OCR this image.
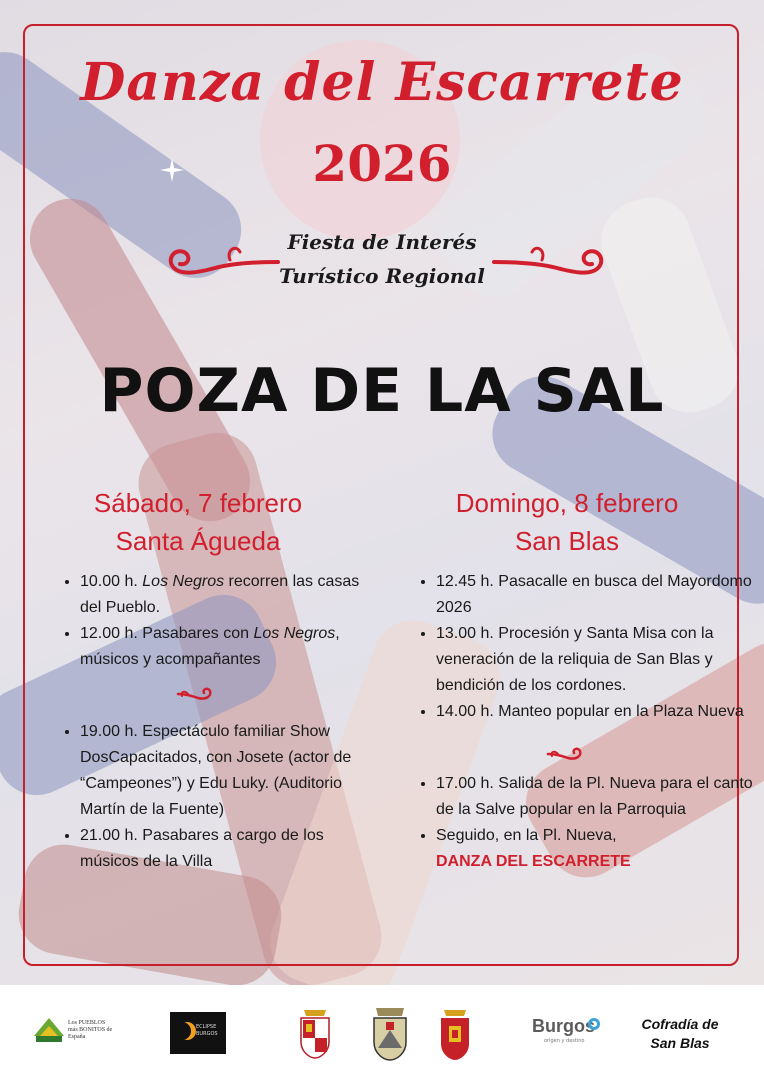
Danza del Escarrete
2026
Fiesta de Interés
Turístico Regional
POZA DE LA SAL
Sábado, 7 febrero
Santa Águeda
• 10.00 h. Los Negros recorren las casas del Pueblo.
• 12.00 h. Pasabares con Los Negros, músicos y acompañantes
• 19.00 h. Espectáculo familiar Show DosCapacitados, con Josete (actor de “Campeones”) y Edu Luky. (Auditorio Martín de la Fuente)
• 21.00 h. Pasabares a cargo de los músicos de la Villa
Domingo, 8 febrero
San Blas
• 12.45 h. Pasacalle en busca del Mayordomo 2026
• 13.00 h. Procesión y Santa Misa con la veneración de la reliquia de San Blas y bendición de los cordones.
• 14.00 h. Manteo popular en la Plaza Nueva
• 17.00 h. Salida de la Pl. Nueva para el canto de la Salve popular en la Parroquia
• Seguido, en la Pl. Nueva,
DANZA DEL ESCARRETE
Los PUEBLOS más BONITOS de España
ECLIPSE BURGOS	Burgos
origen y destino
Cofradía de
San Blas
